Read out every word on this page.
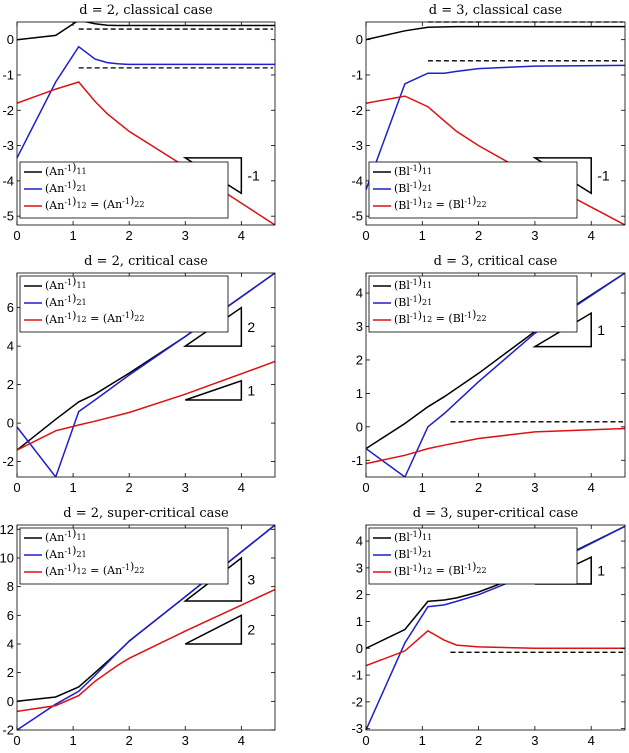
d = 2, classical case
-1
0	1	2	3	4
0
-1
-2
-3
-4
-5
$(An^{-1})_{11}$
$(An^{-1})_{21}$
$(An^{-1})_{12} = (An^{-1})_{22}$
d = 3, classical case
-1
0	1	2	3	4
0
-1
-2
-3
-4
-5
$(Bl^{-1})_{11}$
$(Bl^{-1})_{21}$
$(Bl^{-1})_{12} = (Bl^{-1})_{22}$
d = 2, critical case
2
1
0	1	2	3	4
0
2
4
6
-2
$(An^{-1})_{11}$
$(An^{-1})_{21}$
$(An^{-1})_{12} = (An^{-1})_{22}$
d = 3, critical case
1
0	1	2	3	4
-1
0
1
2
3
4
$(Bl^{-1})_{11}$
$(Bl^{-1})_{21}$
$(Bl^{-1})_{12} = (Bl^{-1})_{22}$
d = 2, super-critical case
3
2
0	1	2	3	4
0
2
4
6
8
10
12
-2
$(An^{-1})_{11}$
$(An^{-1})_{21}$
$(An^{-1})_{12} = (An^{-1})_{22}$
d = 3, super-critical case
1
0	1	2	3	4
-3
-2
-1
0
1
2
3
4	$(Bl^{-1})_{11}$
$(Bl^{-1})_{21}$
$(Bl^{-1})_{12} = (Bl^{-1})_{22}$
